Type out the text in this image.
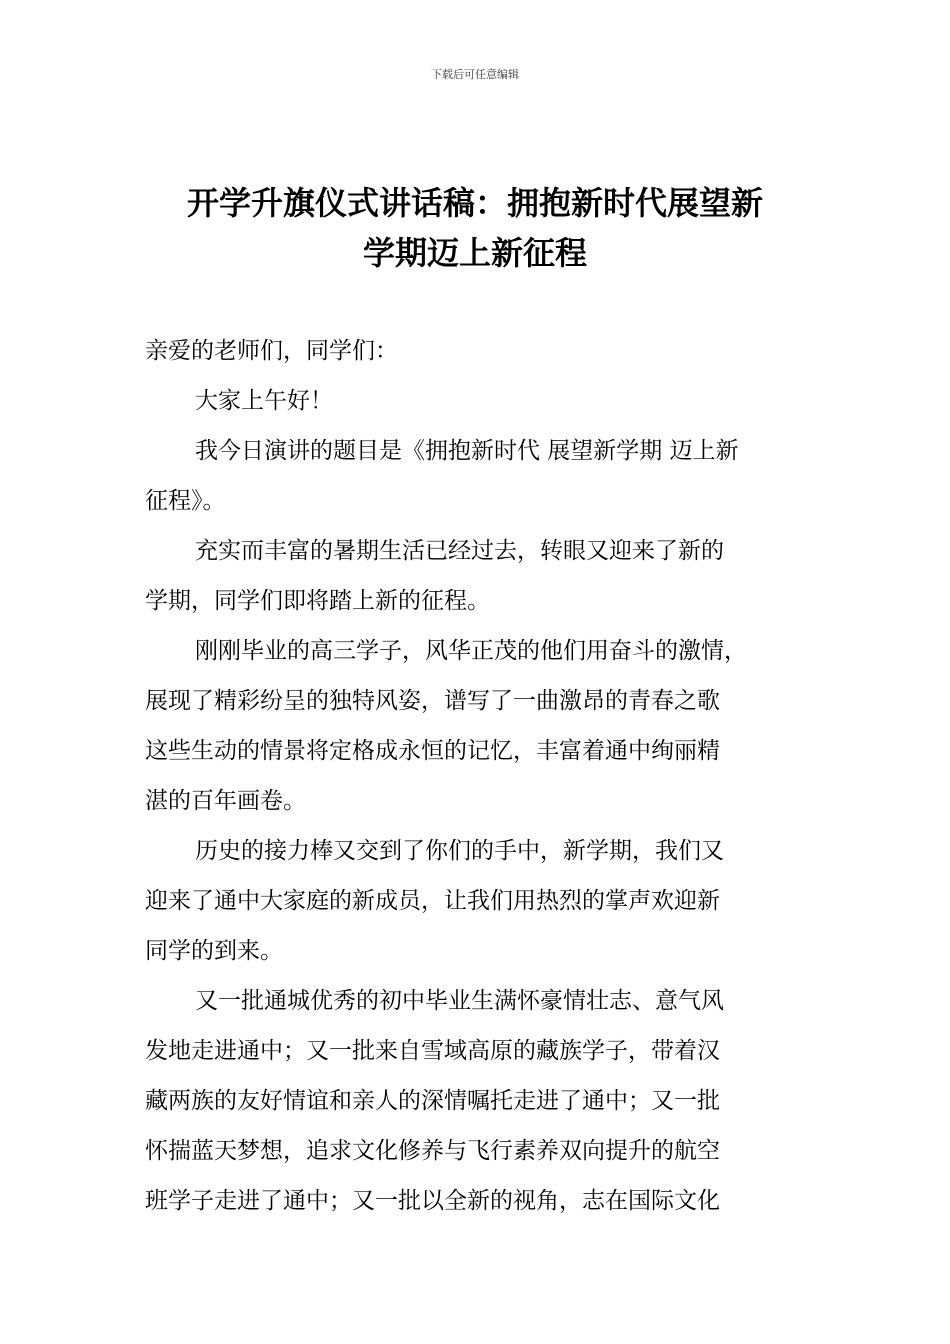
下载后可任意编辑
开学升旗仪式讲话稿：拥抱新时代展望新
学期迈上新征程
亲爱的老师们，同学们：
大家上午好！
我今日演讲的题目是《拥抱新时代 展望新学期 迈上新
征程》。
充实而丰富的暑期生活已经过去，转眼又迎来了新的
学期，同学们即将踏上新的征程。
刚刚毕业的高三学子，风华正茂的他们用奋斗的激情，
展现了精彩纷呈的独特风姿，谱写了一曲激昂的青春之歌
这些生动的情景将定格成永恒的记忆，丰富着通中绚丽精
湛的百年画卷。
历史的接力棒又交到了你们的手中，新学期，我们又
迎来了通中大家庭的新成员，让我们用热烈的掌声欢迎新
同学的到来。
又一批通城优秀的初中毕业生满怀豪情壮志、意气风
发地走进通中；又一批来自雪域高原的藏族学子，带着汉
藏两族的友好情谊和亲人的深情嘱托走进了通中；又一批
怀揣蓝天梦想，追求文化修养与飞行素养双向提升的航空
班学子走进了通中；又一批以全新的视角，志在国际文化
